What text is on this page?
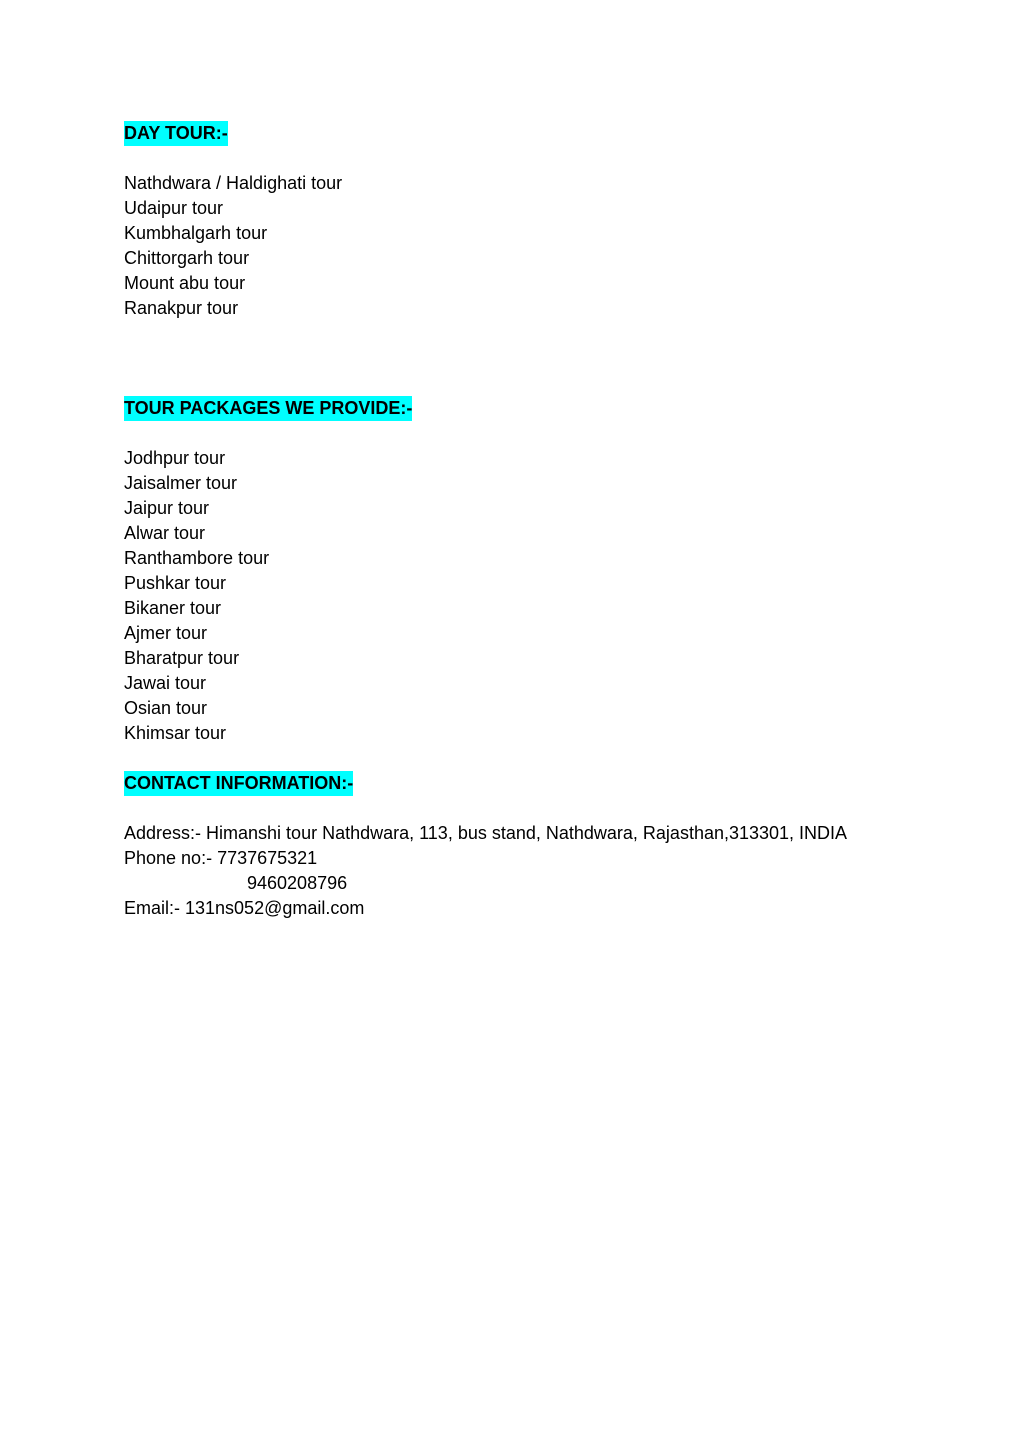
DAY TOUR:-
Nathdwara / Haldighati tour
Udaipur tour
Kumbhalgarh tour
Chittorgarh tour
Mount abu tour
Ranakpur tour
TOUR PACKAGES WE PROVIDE:-
Jodhpur tour
Jaisalmer tour
Jaipur tour
Alwar tour
Ranthambore tour
Pushkar tour
Bikaner tour
Ajmer tour
Bharatpur tour
Jawai tour
Osian tour
Khimsar tour
CONTACT INFORMATION:-
Address:- Himanshi tour Nathdwara, 113, bus stand, Nathdwara, Rajasthan,313301, INDIA
Phone no:- 7737675321
9460208796
Email:- 131ns052@gmail.com
